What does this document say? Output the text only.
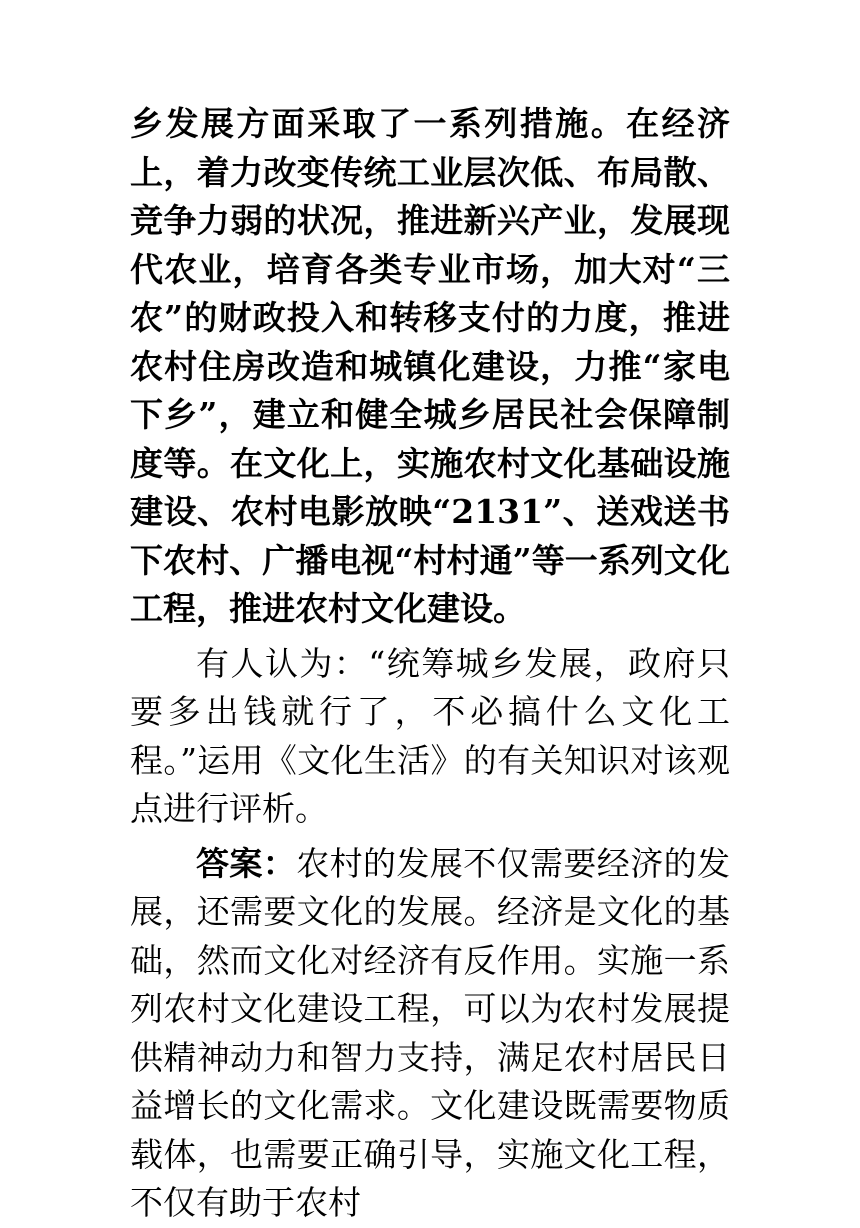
乡发展方面采取了一系列措施。在经济上，着力改变传统工业层次低、布局散、竞争力弱的状况，推进新兴产业，发展现代农业，培育各类专业市场，加大对“三农”的财政投入和转移支付的力度，推进农村住房改造和城镇化建设，力推“家电下乡”，建立和健全城乡居民社会保障制度等。在文化上，实施农村文化基础设施建设、农村电影放映“2131”、送戏送书下农村、广播电视“村村通”等一系列文化工程，推进农村文化建设。

有人认为：“统筹城乡发展，政府只要多出钱就行了，不必搞什么文化工程。”运用《文化生活》的有关知识对该观点进行评析。

答案：农村的发展不仅需要经济的发展，还需要文化的发展。经济是文化的基础，然而文化对经济有反作用。实施一系列农村文化建设工程，可以为农村发展提供精神动力和智力支持，满足农村居民日益增长的文化需求。文化建设既需要物质载体，也需要正确引导，实施文化工程，不仅有助于农村
